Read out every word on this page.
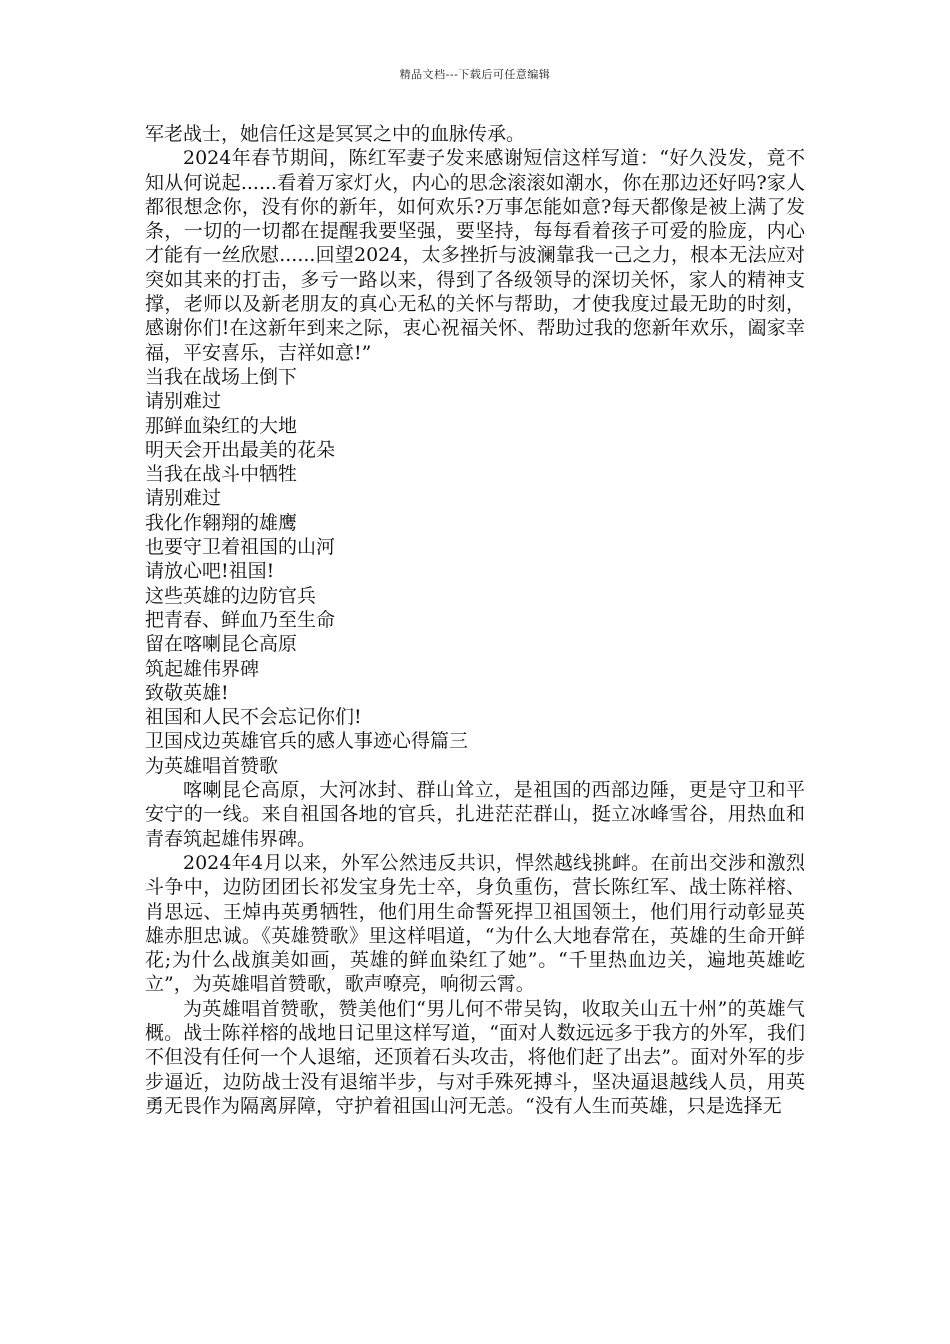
精品文档---下载后可任意编辑

军老战士，她信任这是冥冥之中的血脉传承。

2024年春节期间，陈红军妻子发来感谢短信这样写道：“好久没发，竟不知从何说起......看着万家灯火，内心的思念滚滚如潮水，你在那边还好吗?家人都很想念你，没有你的新年，如何欢乐?万事怎能如意?每天都像是被上满了发条，一切的一切都在提醒我要坚强，要坚持，每每看着孩子可爱的脸庞，内心才能有一丝欣慰......回望2024，太多挫折与波澜靠我一己之力，根本无法应对突如其来的打击，多亏一路以来，得到了各级领导的深切关怀，家人的精神支撑，老师以及新老朋友的真心无私的关怀与帮助，才使我度过最无助的时刻，感谢你们!在这新年到来之际，衷心祝福关怀、帮助过我的您新年欢乐，阖家幸福，平安喜乐，吉祥如意!”

当我在战场上倒下

请别难过

那鲜血染红的大地

明天会开出最美的花朵

当我在战斗中牺牲

请别难过

我化作翱翔的雄鹰

也要守卫着祖国的山河

请放心吧!祖国!

这些英雄的边防官兵

把青春、鲜血乃至生命

留在喀喇昆仑高原

筑起雄伟界碑

致敬英雄!

祖国和人民不会忘记你们!

卫国戍边英雄官兵的感人事迹心得篇三

为英雄唱首赞歌

喀喇昆仑高原，大河冰封、群山耸立，是祖国的西部边陲，更是守卫和平安宁的一线。来自祖国各地的官兵，扎进茫茫群山，挺立冰峰雪谷，用热血和青春筑起雄伟界碑。

2024年4月以来，外军公然违反共识，悍然越线挑衅。在前出交涉和激烈斗争中，边防团团长祁发宝身先士卒，身负重伤，营长陈红军、战士陈祥榕、肖思远、王焯冉英勇牺牲，他们用生命誓死捍卫祖国领土，他们用行动彰显英雄赤胆忠诚。《英雄赞歌》里这样唱道，“为什么大地春常在，英雄的生命开鲜花;为什么战旗美如画，英雄的鲜血染红了她”。“千里热血边关，遍地英雄屹立”，为英雄唱首赞歌，歌声嘹亮，响彻云霄。

为英雄唱首赞歌，赞美他们“男儿何不带吴钩，收取关山五十州”的英雄气概。战士陈祥榕的战地日记里这样写道，“面对人数远远多于我方的外军，我们不但没有任何一个人退缩，还顶着石头攻击，将他们赶了出去”。面对外军的步步逼近，边防战士没有退缩半步，与对手殊死搏斗，坚决逼退越线人员，用英勇无畏作为隔离屏障，守护着祖国山河无恙。“没有人生而英雄，只是选择无
